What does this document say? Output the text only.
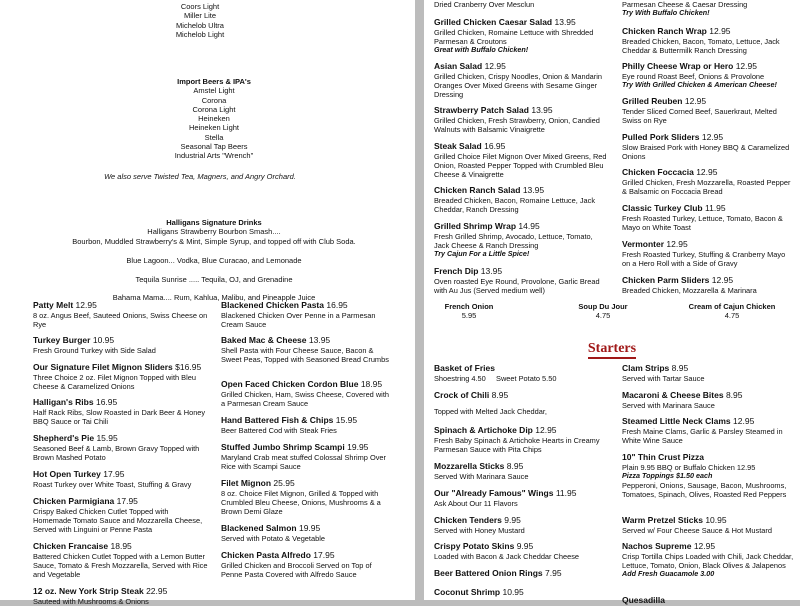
Coors Light

Miller Lite

Michelob Ultra

Michelob Light

Import Beers & IPA's

Amstel Light

Corona

Corona Light

Heineken

Heineken Light

Stella

Seasonal Tap Beers

Industrial Arts "Wrench"

We also serve Twisted Tea, Magners, and Angry Orchard.

Halligans Signature Drinks

Halligans Strawberry Bourbon Smash....

Bourbon, Muddled Strawberry's & Mint, Simple Syrup, and topped off with Club Soda.

Blue Lagoon... Vodka, Blue Curacao, and Lemonade
Tequila Sunrise ..... Tequila, OJ, and Grenadine
Bahama Mama.... Rum, Kahlua, Malibu, and Pineapple Juice
Patty Melt 12.95
8 oz. Angus Beef, Sauteed Onions, Swiss Cheese on Rye
Turkey Burger 10.95
Fresh Ground Turkey with Side Salad
Our Signature Filet Mignon Sliders $16.95
Three Choice 2 oz. Filet Mignon Topped with Bleu Cheese & Caramelized Onions
Halligan's Ribs 16.95
Half Rack Ribs, Slow Roasted in Dark Beer & Honey BBQ Sauce or Tai Chili
Shepherd's Pie 15.95
Seasoned Beef & Lamb, Brown Gravy Topped with Brown Mashed Potato
Hot Open Turkey 17.95
Roast Turkey over White Toast, Stuffing & Gravy
Chicken Parmigiana 17.95
Crispy Baked Chicken Cutlet Topped with Homemade Tomato Sauce and Mozzarella Cheese, Served with Linguini or Penne Pasta
Chicken Francaise 18.95
Battered Chicken Cutlet Topped with a Lemon Butter Sauce, Tomato & Fresh Mozzarella, Served with Rice and Vegetable
12 oz. New York Strip Steak 22.95
Sauteed with Mushrooms & Onions
Blackened Chicken Pasta 16.95
Blackened Chicken Over Penne in a Parmesan Cream Sauce
Baked Mac & Cheese 13.95
Shell Pasta with Four Cheese Sauce, Bacon & Sweet Peas, Topped with Seasoned Bread Crumbs
Open Faced Chicken Cordon Blue 18.95
Grilled Chicken, Ham, Swiss Cheese, Covered with a Parmesan Cream Sauce
Hand Battered Fish & Chips 15.95
Beer Battered Cod with Steak Fries
Stuffed Jumbo Shrimp Scampi 19.95
Maryland Crab meat stuffed Colossal Shrimp Over Rice with Scampi Sauce
Filet Mignon 25.95
8 oz. Choice Filet Mignon, Grilled & Topped with Crumbled Bleu Cheese, Onions, Mushrooms & a Brown Demi Glaze
Blackened Salmon 19.95
Served with Potato & Vegetable
Chicken Pasta Alfredo 17.95
Grilled Chicken and Broccoli Served on Top of Penne Pasta Covered with Alfredo Sauce
Dried Cranberry Over Mesclun
Grilled Chicken Caesar Salad 13.95
Grilled Chicken, Romaine Lettuce with Shredded Parmesan & Croutons
Great with Buffalo Chicken!
Asian Salad 12.95
Grilled Chicken, Crispy Noodles, Onion & Mandarin Oranges Over Mixed Greens with Sesame Ginger Dressing
Strawberry Patch Salad 13.95
Grilled Chicken, Fresh Strawberry, Onion, Candied Walnuts with Balsamic Vinaigrette
Steak Salad 16.95
Grilled Choice Filet Mignon Over Mixed Greens, Red Onion, Roasted Pepper Topped with Crumbled Bleu Cheese & Vinaigrette
Chicken Ranch Salad 13.95
Breaded Chicken, Bacon, Romaine Lettuce, Jack Cheddar, Ranch Dressing
Grilled Shrimp Wrap 14.95
Fresh Grilled Shrimp, Avocado, Lettuce, Tomato, Jack Cheese & Ranch Dressing
Try Cajun For a Little Spice!
French Dip 13.95
Oven roasted Eye Round, Provolone, Garlic Bread with Au Jus (Served medium well)
Parmesan Cheese & Caesar Dressing
Try With Buffalo Chicken!
Chicken Ranch Wrap 12.95
Breaded Chicken, Bacon, Tomato, Lettuce, Jack Cheddar & Buttermilk Ranch Dressing
Philly Cheese Wrap or Hero 12.95
Eye round Roast Beef, Onions & Provolone
Try With Grilled Chicken & American Cheese!
Grilled Reuben 12.95
Tender Sliced Corned Beef, Sauerkraut, Melted Swiss on Rye
Pulled Pork Sliders 12.95
Slow Braised Pork with Honey BBQ & Caramelized Onions
Chicken Foccacia 12.95
Grilled Chicken, Fresh Mozzarella, Roasted Pepper & Balsamic on Foccacia Bread
Classic Turkey Club 11.95
Fresh Roasted Turkey, Lettuce, Tomato, Bacon & Mayo on White Toast
Vermonter 12.95
Fresh Roasted Turkey, Stuffing & Cranberry Mayo on a Hero Roll with a Side of Gravy
Chicken Parm Sliders 12.95
Breaded Chicken, Mozzarella & Marinara
French Onion
5.95
Soup Du Jour
4.75
Cream of Cajun Chicken
4.75
Starters
Basket of Fries
Shoestring 4.50     Sweet Potato 5.50
Crock of Chili 8.95
Topped with Melted Jack Cheddar,
Spinach & Artichoke Dip 12.95
Fresh Baby Spinach & Artichoke Hearts in Creamy Parmesan Sauce with Pita Chips
Mozzarella Sticks 8.95
Served With Marinara Sauce
Our "Already Famous" Wings 11.95
Ask About Our 11 Flavors
Chicken Tenders 9.95
Served with Honey Mustard
Crispy Potato Skins 9.95
Loaded with Bacon & Jack Cheddar Cheese
Beer Battered Onion Rings 7.95
Coconut Shrimp 10.95
Clam Strips 8.95
Served with Tartar Sauce
Macaroni & Cheese Bites 8.95
Served with Marinara Sauce
Steamed Little Neck Clams 12.95
Fresh Maine Clams, Garlic & Parsley Steamed in White Wine Sauce
10" Thin Crust Pizza
Plain 9.95 BBQ or Buffalo Chicken 12.95
Pizza Toppings $1.50 each
Pepperoni, Onions, Sausage, Bacon, Mushrooms, Tomatoes, Spinach, Olives, Roasted Red Peppers
Warm Pretzel Sticks 10.95
Served w/ Four Cheese Sauce & Hot Mustard
Nachos Supreme 12.95
Crisp Tortilla Chips Loaded with Chili, Jack Cheddar, Lettuce, Tomato, Onion, Black Olives & Jalapenos
Add Fresh Guacamole 3.00
Quesadilla
